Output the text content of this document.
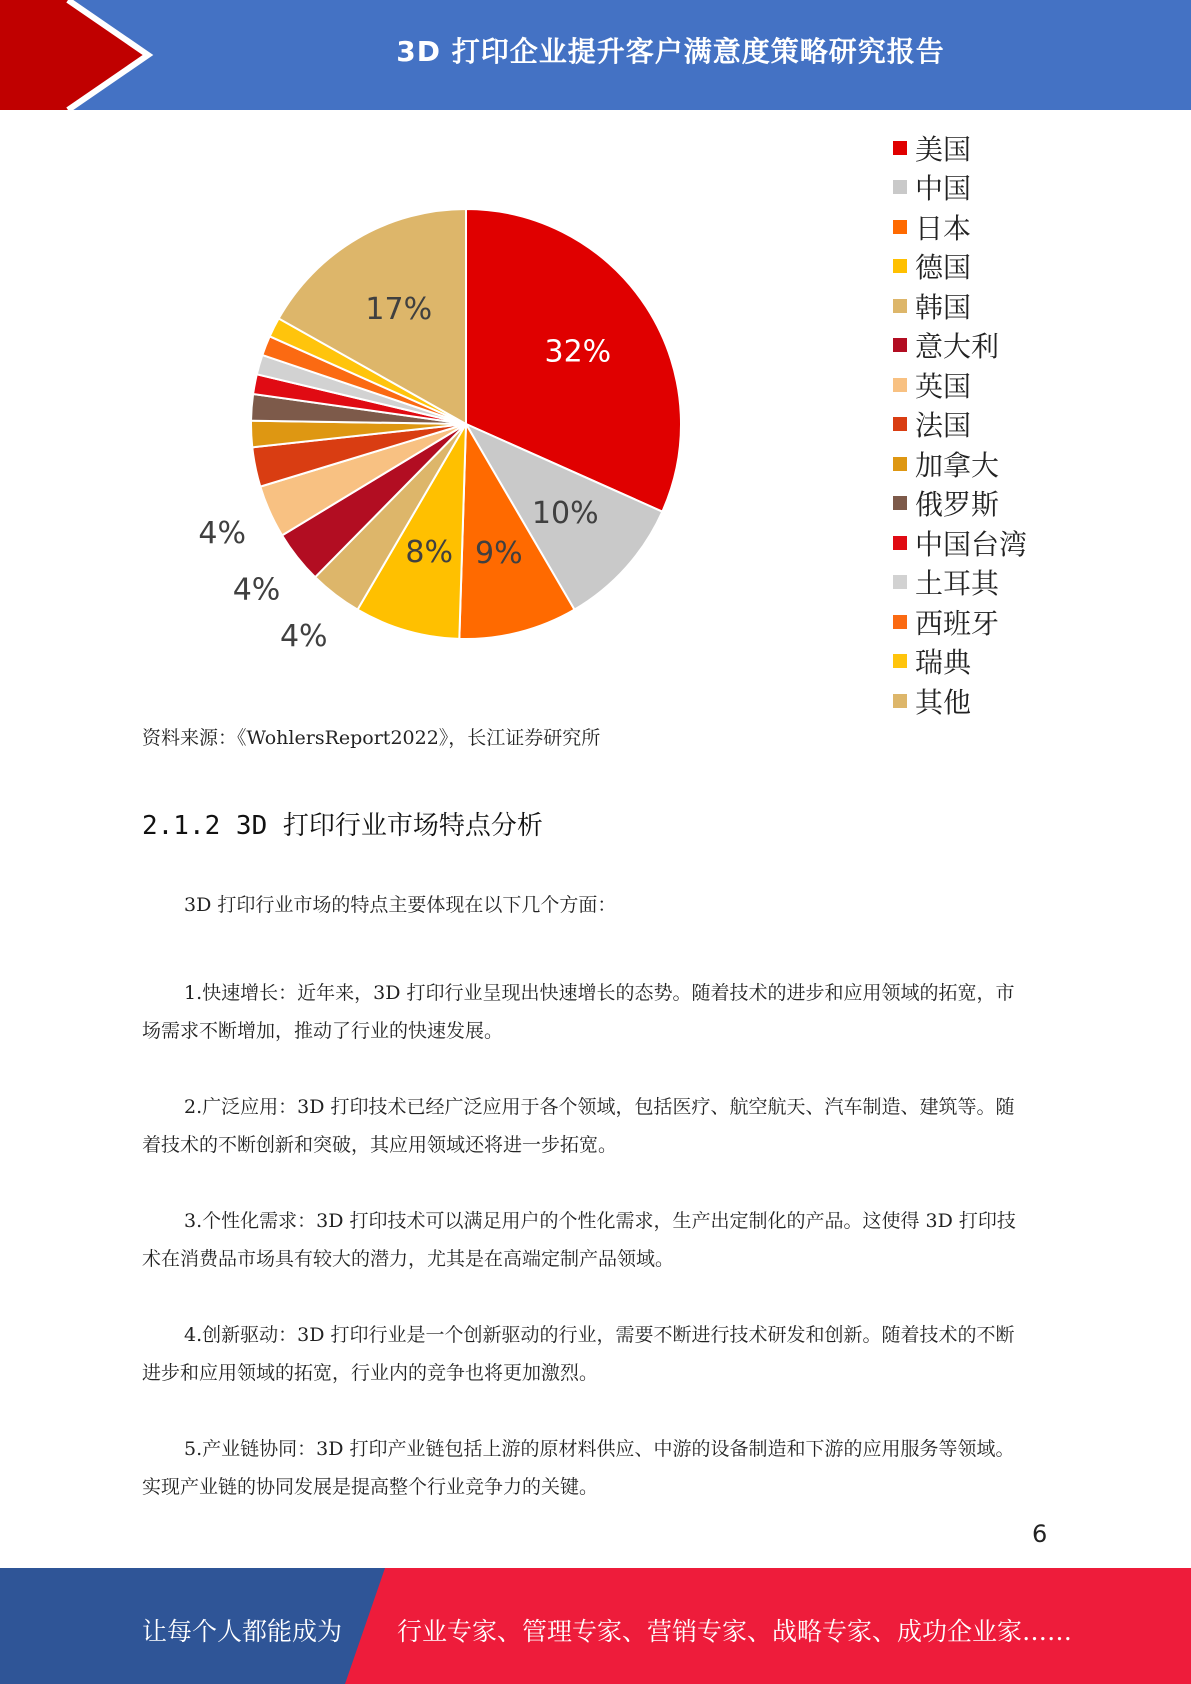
3D 打印企业提升客户满意度策略研究报告
32%
10%
9%
8%
4%
4%
4%
17%
美国
中国
日本
德国
韩国
意大利
英国
法国
加拿大
俄罗斯
中国台湾
土耳其
西班牙
瑞典
其他
资料来源：《WohlersReport2022》，长江证券研究所
2.1.2 3D 打印行业市场特点分析

3D 打印行业市场的特点主要体现在以下几个方面：

1.快速增长：近年来，3D 打印行业呈现出快速增长的态势。随着技术的进步和应用领域的拓宽，市场需求不断增加，推动了行业的快速发展。

2.广泛应用：3D 打印技术已经广泛应用于各个领域，包括医疗、航空航天、汽车制造、建筑等。随着技术的不断创新和突破，其应用领域还将进一步拓宽。

3.个性化需求：3D 打印技术可以满足用户的个性化需求，生产出定制化的产品。这使得 3D 打印技术在消费品市场具有较大的潜力，尤其是在高端定制产品领域。

4.创新驱动：3D 打印行业是一个创新驱动的行业，需要不断进行技术研发和创新。随着技术的不断进步和应用领域的拓宽，行业内的竞争也将更加激烈。

5.产业链协同：3D 打印产业链包括上游的原材料供应、中游的设备制造和下游的应用服务等领域。实现产业链的协同发展是提高整个行业竞争力的关键。

6
让每个人都能成为 行业专家、管理专家、营销专家、战略专家、成功企业家……
